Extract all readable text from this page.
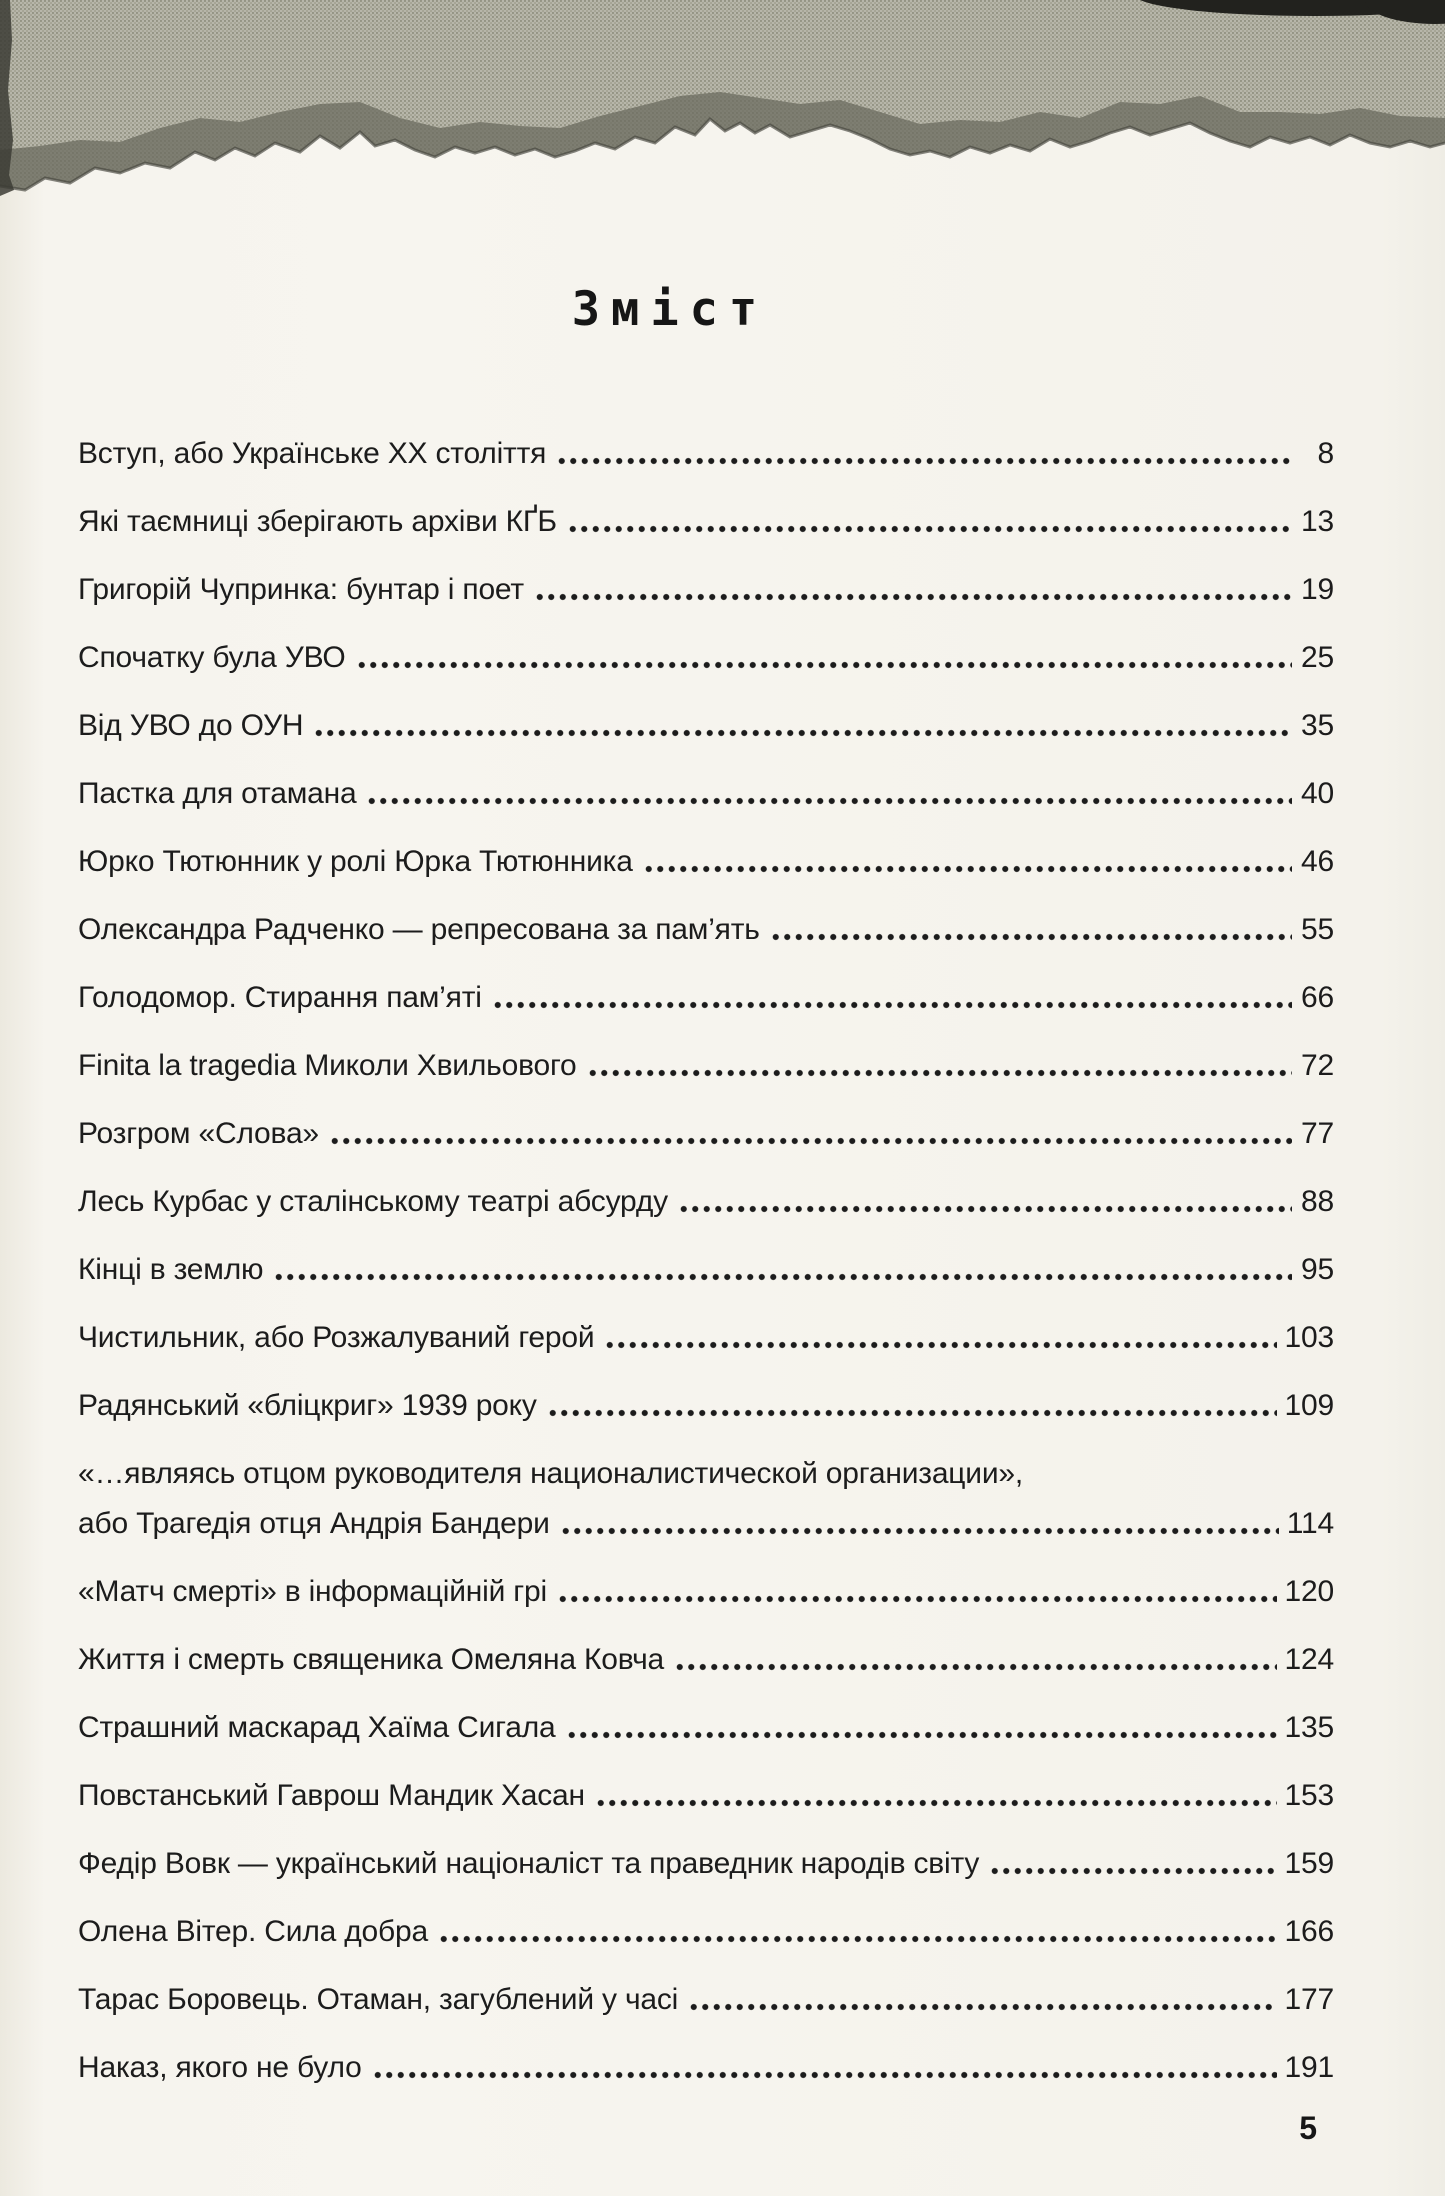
Зміст
Вступ, або Українське ХХ століття	8
Які таємниці зберігають архіви КҐБ	13
Григорій Чупринка: бунтар і поет	19
Спочатку була УВО	25
Від УВО до ОУН	35
Пастка для отамана	40
Юрко Тютюнник у ролі Юрка Тютюнника	46
Олександра Радченко — репресована за пам’ять	55
Голодомор. Стирання пам’яті	66
Finita la tragedia Миколи Хвильового	72
Розгром «Слова»	77
Лесь Курбас у сталінському театрі абсурду	88
Кінці в землю	95
Чистильник, або Розжалуваний герой	103
Радянський «бліцкриг» 1939 року	109
«…являясь отцом руководителя националистической организации»,
або Трагедія отця Андрія Бандери	114
«Матч смерті» в інформаційній грі	120
Життя і смерть священика Омеляна Ковча	124
Страшний маскарад Хаїма Сигала	135
Повстанський Гаврош Мандик Хасан	153
Федір Вовк — український націоналіст та праведник народів світу	159
Олена Вітер. Сила добра	166
Тарас Боровець. Отаман, загублений у часі	177
Наказ, якого не було	191
5
